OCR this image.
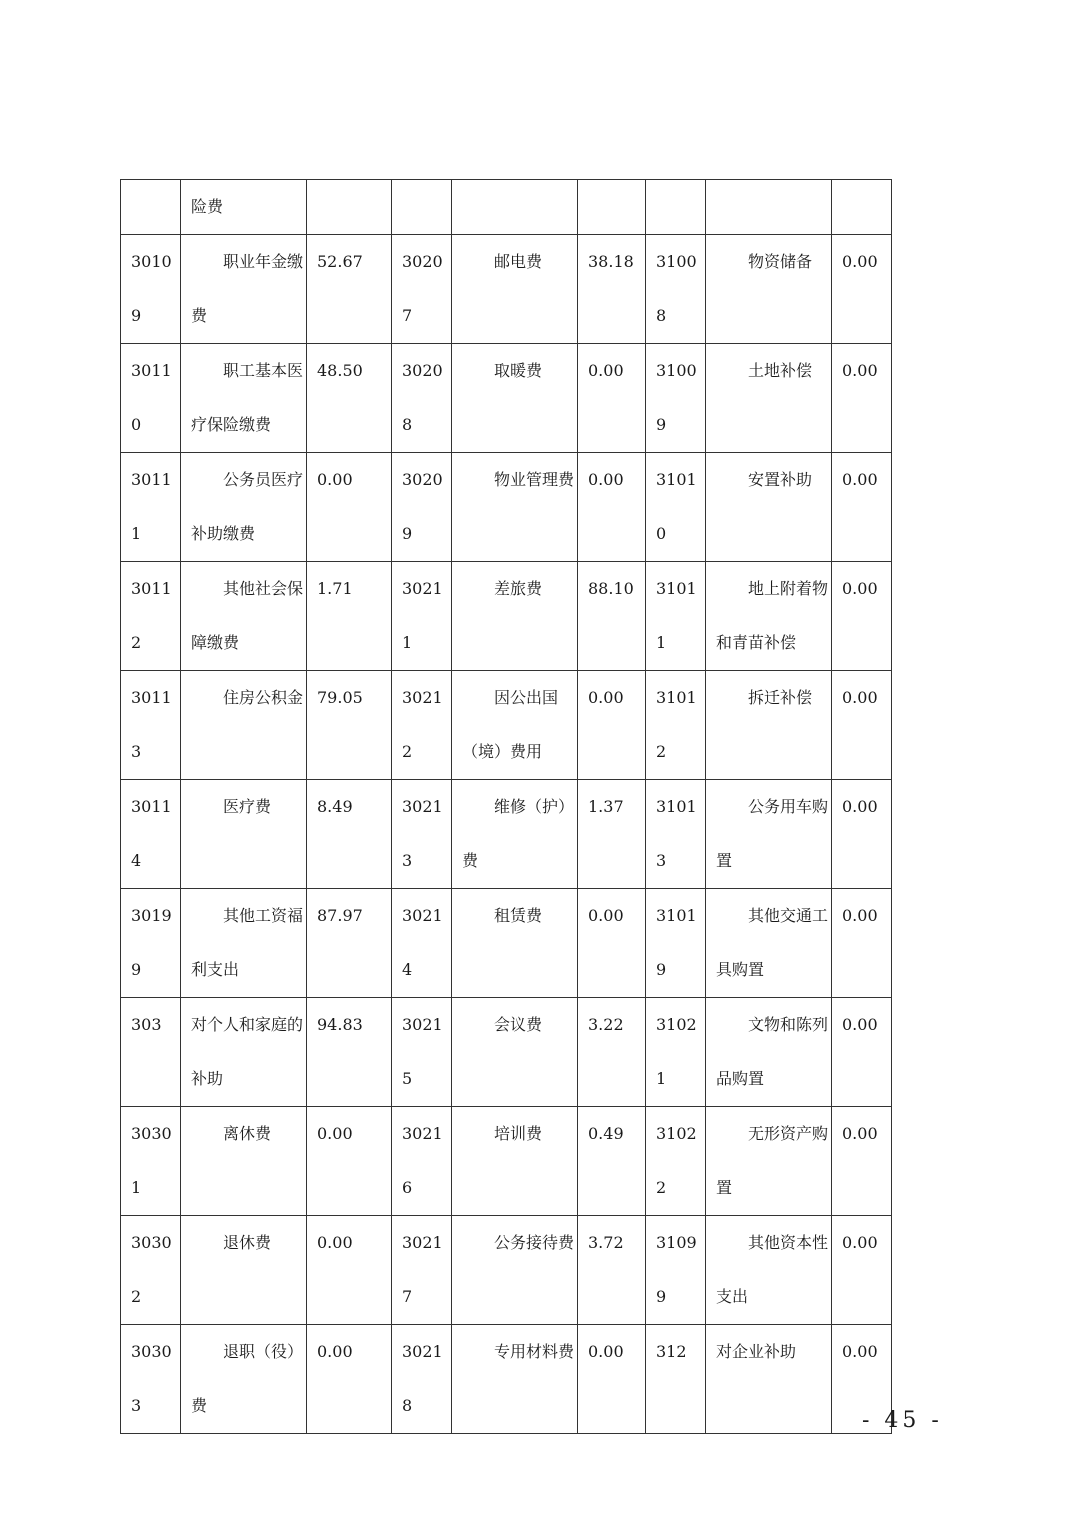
	险费							

30109	职业年金缴费	52.67	30207	邮电费	38.18	31008	物资储备	0.00

30110	职工基本医疗保险缴费	48.50	30208	取暖费	0.00	31009	土地补偿	0.00

30111	公务员医疗补助缴费	0.00	30209	物业管理费	0.00	31010	安置补助	0.00

30112	其他社会保障缴费	1.71	30211	差旅费	88.10	31011	地上附着物和青苗补偿	0.00

30113	住房公积金	79.05	30212	因公出国（境）费用	0.00	31012	拆迁补偿	0.00

30114	医疗费	8.49	30213	维修（护）费	1.37	31013	公务用车购置	0.00

30199	其他工资福利支出	87.97	30214	租赁费	0.00	31019	其他交通工具购置	0.00

303	对个人和家庭的补助	94.83	30215	会议费	3.22	31021	文物和陈列品购置	0.00

30301	离休费	0.00	30216	培训费	0.49	31022	无形资产购置	0.00

30302	退休费	0.00	30217	公务接待费	3.72	31099	其他资本性支出	0.00

30303	退职（役）费	0.00	30218	专用材料费	0.00	312	对企业补助	0.00
- 45 -
